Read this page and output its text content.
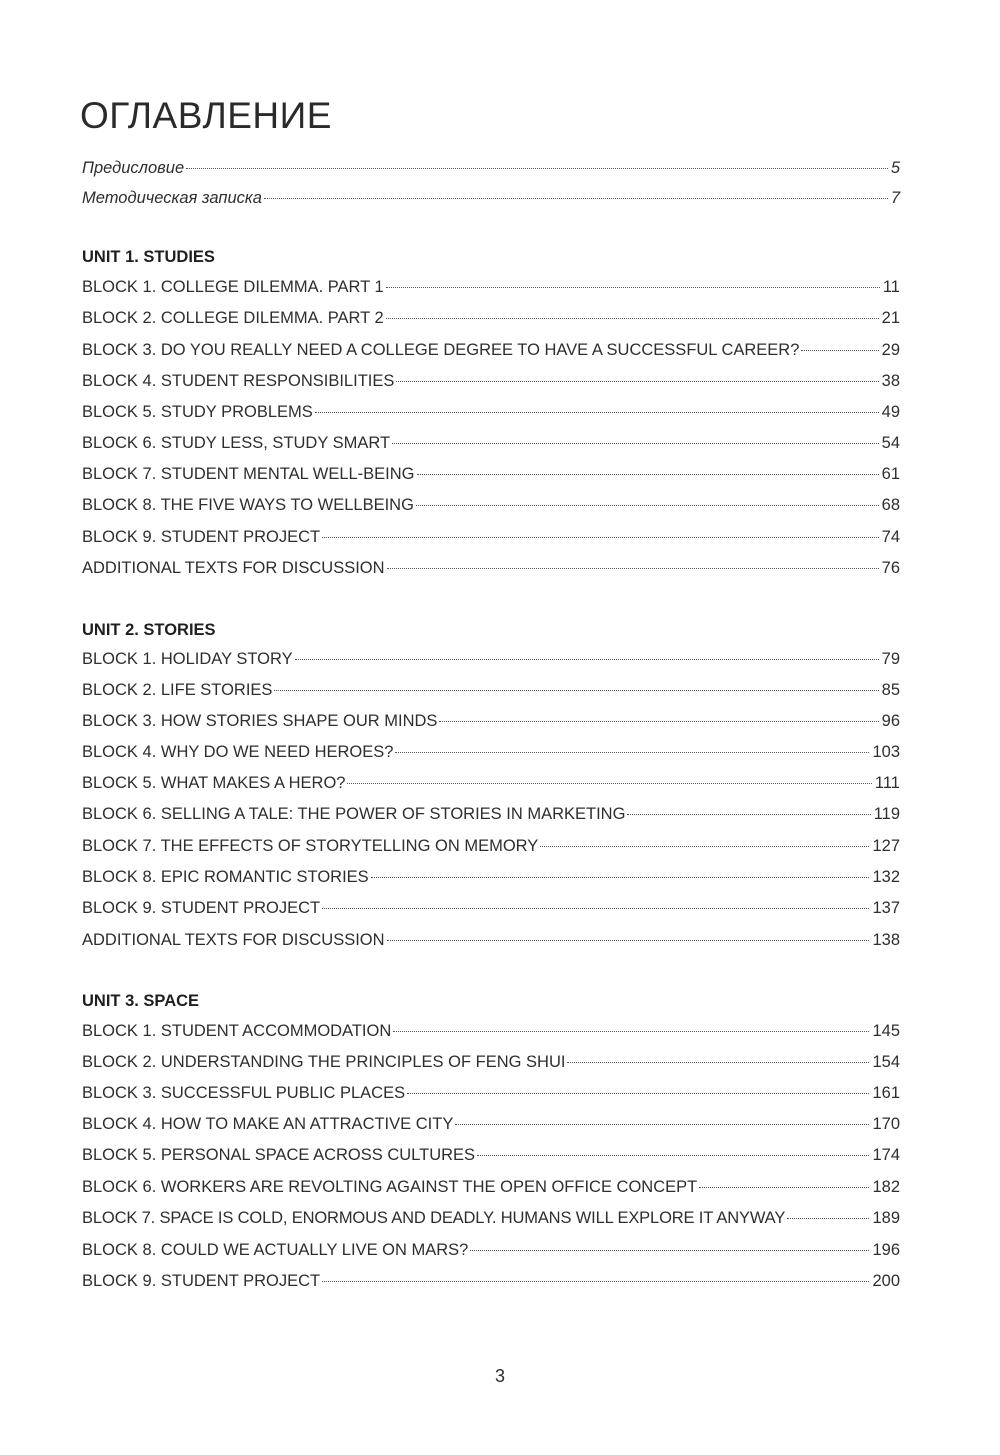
ОГЛАВЛЕНИЕ
Предисловие	5
Методическая записка	7
UNIT 1. STUDIES
BLOCK 1. COLLEGE DILEMMA. PART 1	11
BLOCK 2. COLLEGE DILEMMA. PART 2	21
BLOCK 3. DO YOU REALLY NEED A COLLEGE DEGREE TO HAVE A SUCCESSFUL CAREER?	29
BLOCK 4. STUDENT RESPONSIBILITIES	38
BLOCK 5. STUDY PROBLEMS	49
BLOCK 6. STUDY LESS, STUDY SMART	54
BLOCK 7. STUDENT MENTAL WELL-BEING	61
BLOCK 8. THE FIVE WAYS TO WELLBEING	68
BLOCK 9. STUDENT PROJECT	74
ADDITIONAL TEXTS FOR DISCUSSION	76
UNIT 2. STORIES
BLOCK 1. HOLIDAY STORY	79
BLOCK 2. LIFE STORIES	85
BLOCK 3. HOW STORIES SHAPE OUR MINDS	96
BLOCK 4. WHY DO WE NEED HEROES?	103
BLOCK 5. WHAT MAKES A HERO?	111
BLOCK 6. SELLING A TALE: THE POWER OF STORIES IN MARKETING	119
BLOCK 7. THE EFFECTS OF STORYTELLING ON MEMORY	127
BLOCK 8. EPIC ROMANTIC STORIES	132
BLOCK 9. STUDENT PROJECT	137
ADDITIONAL TEXTS FOR DISCUSSION	138
UNIT 3. SPACE
BLOCK 1. STUDENT ACCOMMODATION	145
BLOCK 2. UNDERSTANDING THE PRINCIPLES OF FENG SHUI	154
BLOCK 3. SUCCESSFUL PUBLIC PLACES	161
BLOCK 4. HOW TO MAKE AN ATTRACTIVE CITY	170
BLOCK 5. PERSONAL SPACE ACROSS CULTURES	174
BLOCK 6. WORKERS ARE REVOLTING AGAINST THE OPEN OFFICE CONCEPT	182
BLOCK 7. SPACE IS COLD, ENORMOUS AND DEADLY. HUMANS WILL EXPLORE IT ANYWAY	189
BLOCK 8. COULD WE ACTUALLY LIVE ON MARS?	196
BLOCK 9. STUDENT PROJECT	200
3
